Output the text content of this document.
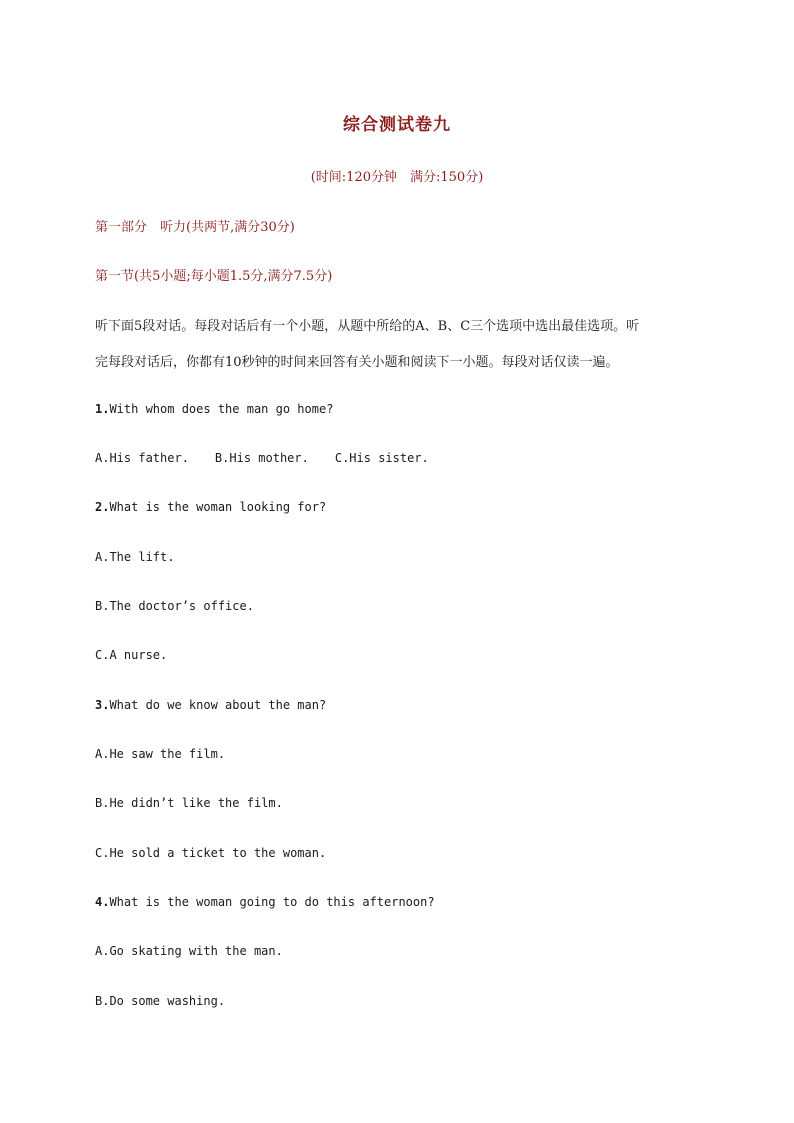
综合测试卷九
(时间:120分钟　满分:150分)
第一部分　听力(共两节,满分30分)
第一节(共5小题;每小题1.5分,满分7.5分)
听下面5段对话。每段对话后有一个小题，从题中所给的A、B、C三个选项中选出最佳选项。听
完每段对话后，你都有10秒钟的时间来回答有关小题和阅读下一小题。每段对话仅读一遍。
1.With whom does the man go home?
A.His father. B.His mother. C.His sister.
2.What is the woman looking for?
A.The lift.
B.The doctor’s office.
C.A nurse.
3.What do we know about the man?
A.He saw the film.
B.He didn’t like the film.
C.He sold a ticket to the woman.
4.What is the woman going to do this afternoon?
A.Go skating with the man.
B.Do some washing.
